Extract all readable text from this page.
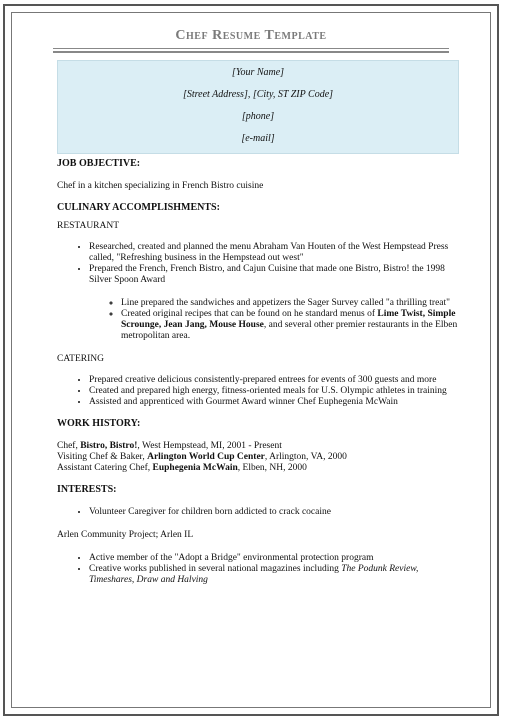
Chef Resume Template
[Your Name]
[Street Address], [City, ST ZIP Code]
[phone]
[e-mail]

JOB OBJECTIVE:

Chef in a kitchen specializing in French Bistro cuisine

CULINARY ACCOMPLISHMENTS:

RESTAURANT

• Researched, created and planned the menu Abraham Van Houten of the West Hempstead Press called, "Refreshing business in the Hempstead out west"
• Prepared the French, French Bistro, and Cajun Cuisine that made one Bistro, Bistro! the 1998 Silver Spoon Award
◦ Line prepared the sandwiches and appetizers the Sager Survey called "a thrilling treat"
◦ Created original recipes that can be found on he standard menus of Lime Twist, Simple Scrounge, Jean Jang, Mouse House, and several other premier restaurants in the Elben metropolitan area.

CATERING

• Prepared creative delicious consistently-prepared entrees for events of 300 guests and more
• Created and prepared high energy, fitness-oriented meals for U.S. Olympic athletes in training
• Assisted and apprenticed with Gourmet Award winner Chef Euphegenia McWain

WORK HISTORY:

Chef, Bistro, Bistro!, West Hempstead, MI, 2001 - Present

Visiting Chef & Baker, Arlington World Cup Center, Arlington, VA, 2000

Assistant Catering Chef, Euphegenia McWain, Elben, NH, 2000

INTERESTS:

• Volunteer Caregiver for children born addicted to crack cocaine

Arlen Community Project; Arlen IL

• Active member of the "Adopt a Bridge" environmental protection program
• Creative works published in several national magazines including The Podunk Review, Timeshares, Draw and Halving
